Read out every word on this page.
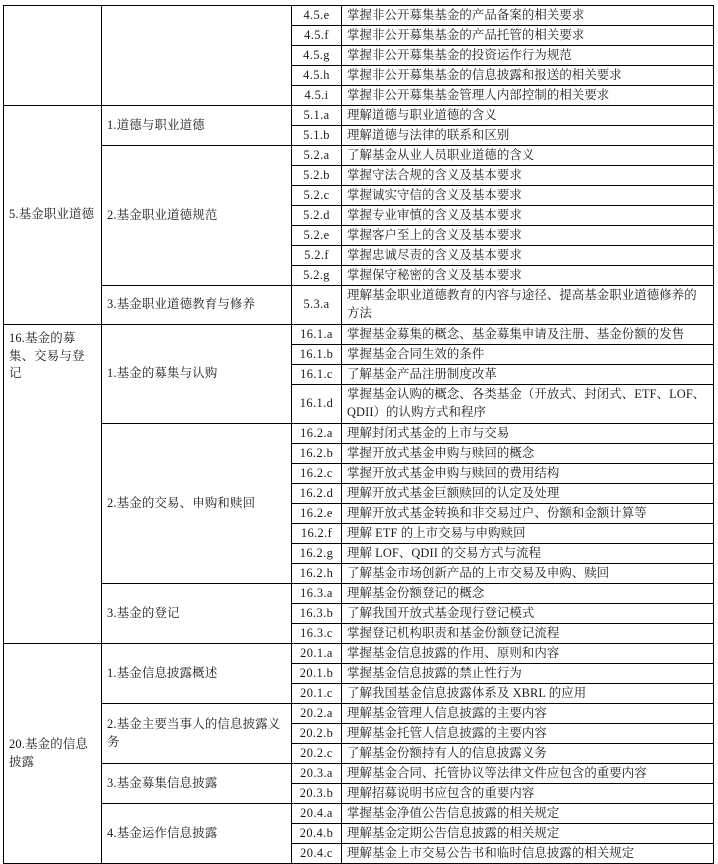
		4.5.e	掌握非公开募集基金的产品备案的相关要求
		4.5.f	掌握非公开募集基金的产品托管的相关要求
		4.5.g	掌握非公开募集基金的投资运作行为规范
		4.5.h	掌握非公开募集基金的信息披露和报送的相关要求
		4.5.i	掌握非公开募集基金管理人内部控制的相关要求
5.基金职业道德	1.道德与职业道德	5.1.a	理解道德与职业道德的含义
		5.1.b	理解道德与法律的联系和区别
	2.基金职业道德规范	5.2.a	了解基金从业人员职业道德的含义
		5.2.b	掌握守法合规的含义及基本要求
		5.2.c	掌握诚实守信的含义及基本要求
		5.2.d	掌握专业审慎的含义及基本要求
		5.2.e	掌握客户至上的含义及基本要求
		5.2.f	掌握忠诚尽责的含义及基本要求
		5.2.g	掌握保守秘密的含义及基本要求
	3.基金职业道德教育与修养	5.3.a	理解基金职业道德教育的内容与途径、提高基金职业道德修养的方法
16.基金的募集、交易与登记	1.基金的募集与认购	16.1.a	掌握基金募集的概念、基金募集申请及注册、基金份额的发售
		16.1.b	掌握基金合同生效的条件
		16.1.c	了解基金产品注册制度改革
		16.1.d	掌握基金认购的概念、各类基金（开放式、封闭式、ETF、LOF、QDII）的认购方式和程序
	2.基金的交易、申购和赎回	16.2.a	理解封闭式基金的上市与交易
		16.2.b	掌握开放式基金申购与赎回的概念
		16.2.c	掌握开放式基金申购与赎回的费用结构
		16.2.d	理解开放式基金巨额赎回的认定及处理
		16.2.e	理解开放式基金转换和非交易过户、份额和金额计算等
		16.2.f	理解 ETF 的上市交易与申购赎回
		16.2.g	理解 LOF、QDII 的交易方式与流程
		16.2.h	了解基金市场创新产品的上市交易及申购、赎回
	3.基金的登记	16.3.a	理解基金份额登记的概念
		16.3.b	了解我国开放式基金现行登记模式
		16.3.c	掌握登记机构职责和基金份额登记流程
20.基金的信息披露	1.基金信息披露概述	20.1.a	掌握基金信息披露的作用、原则和内容
		20.1.b	掌握基金信息披露的禁止性行为
		20.1.c	了解我国基金信息披露体系及 XBRL 的应用
	2.基金主要当事人的信息披露义务	20.2.a	理解基金管理人信息披露的主要内容
		20.2.b	理解基金托管人信息披露的主要内容
		20.2.c	了解基金份额持有人的信息披露义务
	3.基金募集信息披露	20.3.a	理解基金合同、托管协议等法律文件应包含的重要内容
		20.3.b	理解招募说明书应包含的重要内容
	4.基金运作信息披露	20.4.a	掌握基金净值公告信息披露的相关规定
		20.4.b	理解基金定期公告信息披露的相关规定
		20.4.c	理解基金上市交易公告书和临时信息披露的相关规定
